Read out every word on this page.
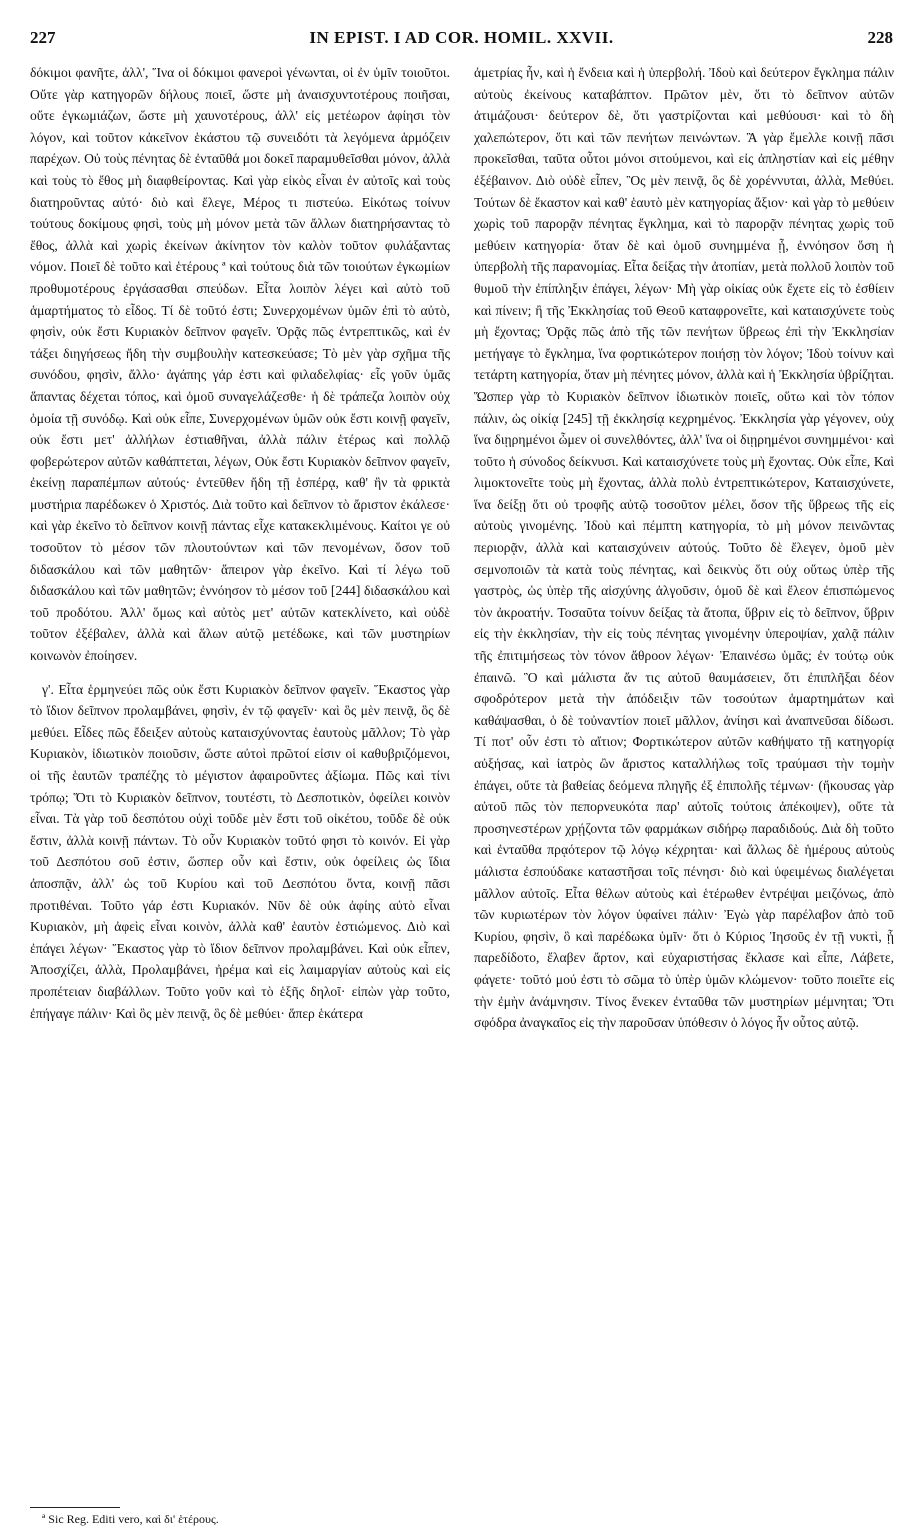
227	IN EPIST. I AD COR. HOMIL. XXVII.	228

δόκιμοι φανῆτε, ἀλλ', Ἵνα οἱ δόκιμοι φανεροὶ γένωνται, οἱ ἐν ὑμῖν τοιοῦτοι. Οὔτε γὰρ κατηγορῶν δήλους ποιεῖ, ὥστε μὴ ἀναισχυντοτέρους ποιῆσαι, οὔτε ἐγκωμιάζων, ὥστε μὴ χαυνοτέρους, ἀλλ' εἰς μετέωρον ἀφίησι τὸν λόγον, καὶ τοῦτον κἀκεῖνον ἑκάστου τῷ συνειδότι τὰ λεγόμενα ἁρμόζειν παρέχων. Οὐ τοὺς πένητας δὲ ἐνταῦθά μοι δοκεῖ παραμυθεῖσθαι μόνον, ἀλλὰ καὶ τοὺς τὸ ἔθος μὴ διαφθείροντας. Καὶ γὰρ εἰκὸς εἶναι ἐν αὐτοῖς καὶ τοὺς διατηροῦντας αὐτό· διὸ καὶ ἔλεγε, Μέρος τι πιστεύω. Εἰκότως τοίνυν τούτους δοκίμους φησὶ, τοὺς μὴ μόνον μετὰ τῶν ἄλλων διατηρήσαντας τὸ ἔθος, ἀλλὰ καὶ χωρὶς ἐκείνων ἀκίνητον τὸν καλὸν τοῦτον φυλάξαντας νόμον. Ποιεῖ δὲ τοῦτο καὶ ἑτέρους ª καὶ τούτους διὰ τῶν τοιούτων ἐγκωμίων προθυμοτέρους ἐργάσασθαι σπεύδων. Εἶτα λοιπὸν λέγει καὶ αὐτὸ τοῦ ἁμαρτήματος τὸ εἶδος. Τί δὲ τοῦτό ἐστι; Συνερχομένων ὑμῶν ἐπὶ τὸ αὐτὸ, φησὶν, οὐκ ἔστι Κυριακὸν δεῖπνον φαγεῖν. Ὁρᾷς πῶς ἐντρεπτικῶς, καὶ ἐν τάξει διηγήσεως ἤδη τὴν συμβουλὴν κατεσκεύασε; Τὸ μὲν γὰρ σχῆμα τῆς συνόδου, φησὶν, ἄλλο· ἀγάπης γάρ ἐστι καὶ φιλαδελφίας· εἷς γοῦν ὑμᾶς ἅπαντας δέχεται τόπος, καὶ ὁμοῦ συναγελάζεσθε· ἡ δὲ τράπεζα λοιπὸν οὐχ ὁμοία τῇ συνόδῳ. Καὶ οὐκ εἶπε, Συνερχομένων ὑμῶν οὐκ ἔστι κοινῇ φαγεῖν, οὐκ ἔστι μετ' ἀλλήλων ἑστιαθῆναι, ἀλλὰ πάλιν ἑτέρως καὶ πολλῷ φοβερώτερον αὐτῶν καθάπτεται, λέγων, Οὐκ ἔστι Κυριακὸν δεῖπνον φαγεῖν, ἐκείνῃ παραπέμπων αὐτούς· ἐντεῦθεν ἤδη τῇ ἑσπέρᾳ, καθ' ἣν τὰ φρικτὰ μυστήρια παρέδωκεν ὁ Χριστός. Διὰ τοῦτο καὶ δεῖπνον τὸ ἄριστον ἐκάλεσε· καὶ γὰρ ἐκεῖνο τὸ δεῖπνον κοινῇ πάντας εἶχε κατακεκλιμένους. Καίτοι γε οὐ τοσοῦτον τὸ μέσον τῶν πλουτούντων καὶ τῶν πενομένων, ὅσον τοῦ διδασκάλου καὶ τῶν μαθητῶν· ἄπειρον γὰρ ἐκεῖνο. Καὶ τί λέγω τοῦ διδασκάλου καὶ τῶν μαθητῶν; ἐννόησον τὸ μέσον τοῦ [244] διδασκάλου καὶ τοῦ προδότου. Ἀλλ' ὅμως καὶ αὐτὸς μετ' αὐτῶν κατεκλίνετο, καὶ οὐδὲ τοῦτον ἐξέβαλεν, ἀλλὰ καὶ ἅλων αὐτῷ μετέδωκε, καὶ τῶν μυστηρίων κοινωνὸν ἐποίησεν.

γ'. Εἶτα ἑρμηνεύει πῶς οὐκ ἔστι Κυριακὸν δεῖπνον φαγεῖν. Ἕκαστος γὰρ τὸ ἴδιον δεῖπνον προλαμβάνει, φησὶν, ἐν τῷ φαγεῖν· καὶ ὃς μὲν πεινᾷ, ὃς δὲ μεθύει. Εἶδες πῶς ἔδειξεν αὐτοὺς καταισχύνοντας ἑαυτοὺς μᾶλλον; Τὸ γὰρ Κυριακὸν, ἰδιωτικὸν ποιοῦσιν, ὥστε αὐτοὶ πρῶτοί εἰσιν οἱ καθυβριζόμενοι, οἱ τῆς ἑαυτῶν τραπέζης τὸ μέγιστον ἀφαιροῦντες ἀξίωμα. Πῶς καὶ τίνι τρόπῳ; Ὅτι τὸ Κυριακὸν δεῖπνον, τουτέστι, τὸ Δεσποτικὸν, ὀφείλει κοινὸν εἶναι. Τὰ γὰρ τοῦ δεσπότου οὐχὶ τοῦδε μὲν ἔστι τοῦ οἰκέτου, τοῦδε δὲ οὐκ ἔστιν, ἀλλὰ κοινῇ πάντων. Τὸ οὖν Κυριακὸν τοῦτό φησι τὸ κοινόν. Εἰ γὰρ τοῦ Δεσπότου σοῦ ἐστιν, ὥσπερ οὖν καὶ ἔστιν, οὐκ ὀφείλεις ὡς ἴδια ἀποσπᾷν, ἀλλ' ὡς τοῦ Κυρίου καὶ τοῦ Δεσπότου ὄντα, κοινῇ πᾶσι προτιθέναι. Τοῦτο γάρ ἐστι Κυριακόν. Νῦν δὲ οὐκ ἀφίης αὐτὸ εἶναι Κυριακὸν, μὴ ἀφεὶς εἶναι κοινὸν, ἀλλὰ καθ' ἑαυτὸν ἑστιώμενος. Διὸ καὶ ἐπάγει λέγων· Ἕκαστος γὰρ τὸ ἴδιον δεῖπνον προλαμβάνει. Καὶ οὐκ εἶπεν, Ἀποσχίζει, ἀλλὰ, Προλαμβάνει, ἠρέμα καὶ εἰς λαιμαργίαν αὐτοὺς καὶ εἰς προπέτειαν διαβάλλων. Τοῦτο γοῦν καὶ τὸ ἑξῆς δηλοῖ· εἰπὼν γὰρ τοῦτο, ἐπήγαγε πάλιν· Καὶ ὃς μὲν πεινᾷ, ὃς δὲ μεθύει· ἅπερ ἑκάτερα

ἀμετρίας ἦν, καὶ ἡ ἔνδεια καὶ ἡ ὑπερβολή. Ἰδοὺ καὶ δεύτερον ἔγκλημα πάλιν αὐτοὺς ἐκείνους καταβάπτον. Πρῶτον μὲν, ὅτι τὸ δεῖπνον αὐτῶν ἀτιμάζουσι· δεύτερον δὲ, ὅτι γαστρίζονται καὶ μεθύουσι· καὶ τὸ δὴ χαλεπώτερον, ὅτι καὶ τῶν πενήτων πεινώντων. Ἃ γὰρ ἔμελλε κοινῇ πᾶσι προκεῖσθαι, ταῦτα οὗτοι μόνοι σιτούμενοι, καὶ εἰς ἀπληστίαν καὶ εἰς μέθην ἐξέβαινον. Διὸ οὐδὲ εἶπεν, Ὃς μὲν πεινᾷ, ὃς δὲ χορέννυται, ἀλλὰ, Μεθύει. Τούτων δὲ ἕκαστον καὶ καθ' ἑαυτὸ μὲν κατηγορίας ἄξιον· καὶ γὰρ τὸ μεθύειν χωρὶς τοῦ παρορᾷν πένητας ἔγκλημα, καὶ τὸ παρορᾷν πένητας χωρὶς τοῦ μεθύειν κατηγορία· ὅταν δὲ καὶ ὁμοῦ συνημμένα ᾖ, ἐννόησον ὅση ἡ ὑπερβολὴ τῆς παρανομίας. Εἶτα δείξας τὴν ἀτοπίαν, μετὰ πολλοῦ λοιπὸν τοῦ θυμοῦ τὴν ἐπίπληξιν ἐπάγει, λέγων· Μὴ γὰρ οἰκίας οὐκ ἔχετε εἰς τὸ ἐσθίειν καὶ πίνειν; ἢ τῆς Ἐκκλησίας τοῦ Θεοῦ καταφρονεῖτε, καὶ καταισχύνετε τοὺς μὴ ἔχοντας; Ὁρᾷς πῶς ἀπὸ τῆς τῶν πενήτων ὕβρεως ἐπὶ τὴν Ἐκκλησίαν μετήγαγε τὸ ἔγκλημα, ἵνα φορτικώτερον ποιήσῃ τὸν λόγον; Ἰδοὺ τοίνυν καὶ τετάρτη κατηγορία, ὅταν μὴ πένητες μόνον, ἀλλὰ καὶ ἡ Ἐκκλησία ὑβρίζηται. Ὥσπερ γὰρ τὸ Κυριακὸν δεῖπνον ἰδιωτικὸν ποιεῖς, οὕτω καὶ τὸν τόπον πάλιν, ὡς οἰκίᾳ [245] τῇ ἐκκλησίᾳ κεχρημένος. Ἐκκλησία γὰρ γέγονεν, οὐχ ἵνα διῃρημένοι ὦμεν οἱ συνελθόντες, ἀλλ' ἵνα οἱ διῃρημένοι συνημμένοι· καὶ τοῦτο ἡ σύνοδος δείκνυσι. Καὶ καταισχύνετε τοὺς μὴ ἔχοντας. Οὐκ εἶπε, Καὶ λιμοκτονεῖτε τοὺς μὴ ἔχοντας, ἀλλὰ πολὺ ἐντρεπτικώτερον, Καταισχύνετε, ἵνα δείξῃ ὅτι οὐ τροφῆς αὐτῷ τοσοῦτον μέλει, ὅσον τῆς ὕβρεως τῆς εἰς αὐτοὺς γινομένης. Ἰδοὺ καὶ πέμπτη κατηγορία, τὸ μὴ μόνον πεινῶντας περιορᾷν, ἀλλὰ καὶ καταισχύνειν αὐτούς. Τοῦτο δὲ ἔλεγεν, ὁμοῦ μὲν σεμνοποιῶν τὰ κατὰ τοὺς πένητας, καὶ δεικνὺς ὅτι οὐχ οὕτως ὑπὲρ τῆς γαστρὸς, ὡς ὑπὲρ τῆς αἰσχύνης ἀλγοῦσιν, ὁμοῦ δὲ καὶ ἔλεον ἐπισπώμενος τὸν ἀκροατήν. Τοσαῦτα τοίνυν δείξας τὰ ἄτοπα, ὕβριν εἰς τὸ δεῖπνον, ὕβριν εἰς τὴν ἐκκλησίαν, τὴν εἰς τοὺς πένητας γινομένην ὑπεροψίαν, χαλᾷ πάλιν τῆς ἐπιτιμήσεως τὸν τόνον ἄθροον λέγων· Ἐπαινέσω ὑμᾶς; ἐν τούτῳ οὐκ ἐπαινῶ. Ὃ καὶ μάλιστα ἄν τις αὐτοῦ θαυμάσειεν, ὅτι ἐπιπλῆξαι δέον σφοδρότερον μετὰ τὴν ἀπόδειξιν τῶν τοσούτων ἁμαρτημάτων καὶ καθάψασθαι, ὁ δὲ τοὐναντίον ποιεῖ μᾶλλον, ἀνίησι καὶ ἀναπνεῦσαι δίδωσι. Τί ποτ' οὖν ἐστι τὸ αἴτιον; Φορτικώτερον αὐτῶν καθήψατο τῇ κατηγορίᾳ αὐξήσας, καὶ ἰατρὸς ὢν ἄριστος καταλλήλως τοῖς τραύμασι τὴν τομὴν ἐπάγει, οὔτε τὰ βαθείας δεόμενα πληγῆς ἐξ ἐπιπολῆς τέμνων· (ἤκουσας γὰρ αὐτοῦ πῶς τὸν πεπορνευκότα παρ' αὐτοῖς τούτοις ἀπέκοψεν), οὔτε τὰ προσηνεστέρων χρῄζοντα τῶν φαρμάκων σιδήρῳ παραδιδούς. Διὰ δὴ τοῦτο καὶ ἐνταῦθα πρᾳότερον τῷ λόγῳ κέχρηται· καὶ ἄλλως δὲ ἡμέρους αὐτοὺς μάλιστα ἐσπούδακε καταστῆσαι τοῖς πένησι· διὸ καὶ ὑφειμένως διαλέγεται μᾶλλον αὐτοῖς. Εἶτα θέλων αὐτοὺς καὶ ἑτέρωθεν ἐντρέψαι μειζόνως, ἀπὸ τῶν κυριωτέρων τὸν λόγον ὑφαίνει πάλιν· Ἐγὼ γὰρ παρέλαβον ἀπὸ τοῦ Κυρίου, φησὶν, ὃ καὶ παρέδωκα ὑμῖν· ὅτι ὁ Κύριος Ἰησοῦς ἐν τῇ νυκτὶ, ᾗ παρεδίδοτο, ἔλαβεν ἄρτον, καὶ εὐχαριστήσας ἔκλασε καὶ εἶπε, Λάβετε, φάγετε· τοῦτό μού ἐστι τὸ σῶμα τὸ ὑπὲρ ὑμῶν κλώμενον· τοῦτο ποιεῖτε εἰς τὴν ἐμὴν ἀνάμνησιν. Τίνος ἕνεκεν ἐνταῦθα τῶν μυστηρίων μέμνηται; Ὅτι σφόδρα ἀναγκαῖος εἰς τὴν παροῦσαν ὑπόθεσιν ὁ λόγος ἦν οὗτος αὐτῷ.

ª Sic Reg. Editi vero, καὶ δι' ἑτέρους.
